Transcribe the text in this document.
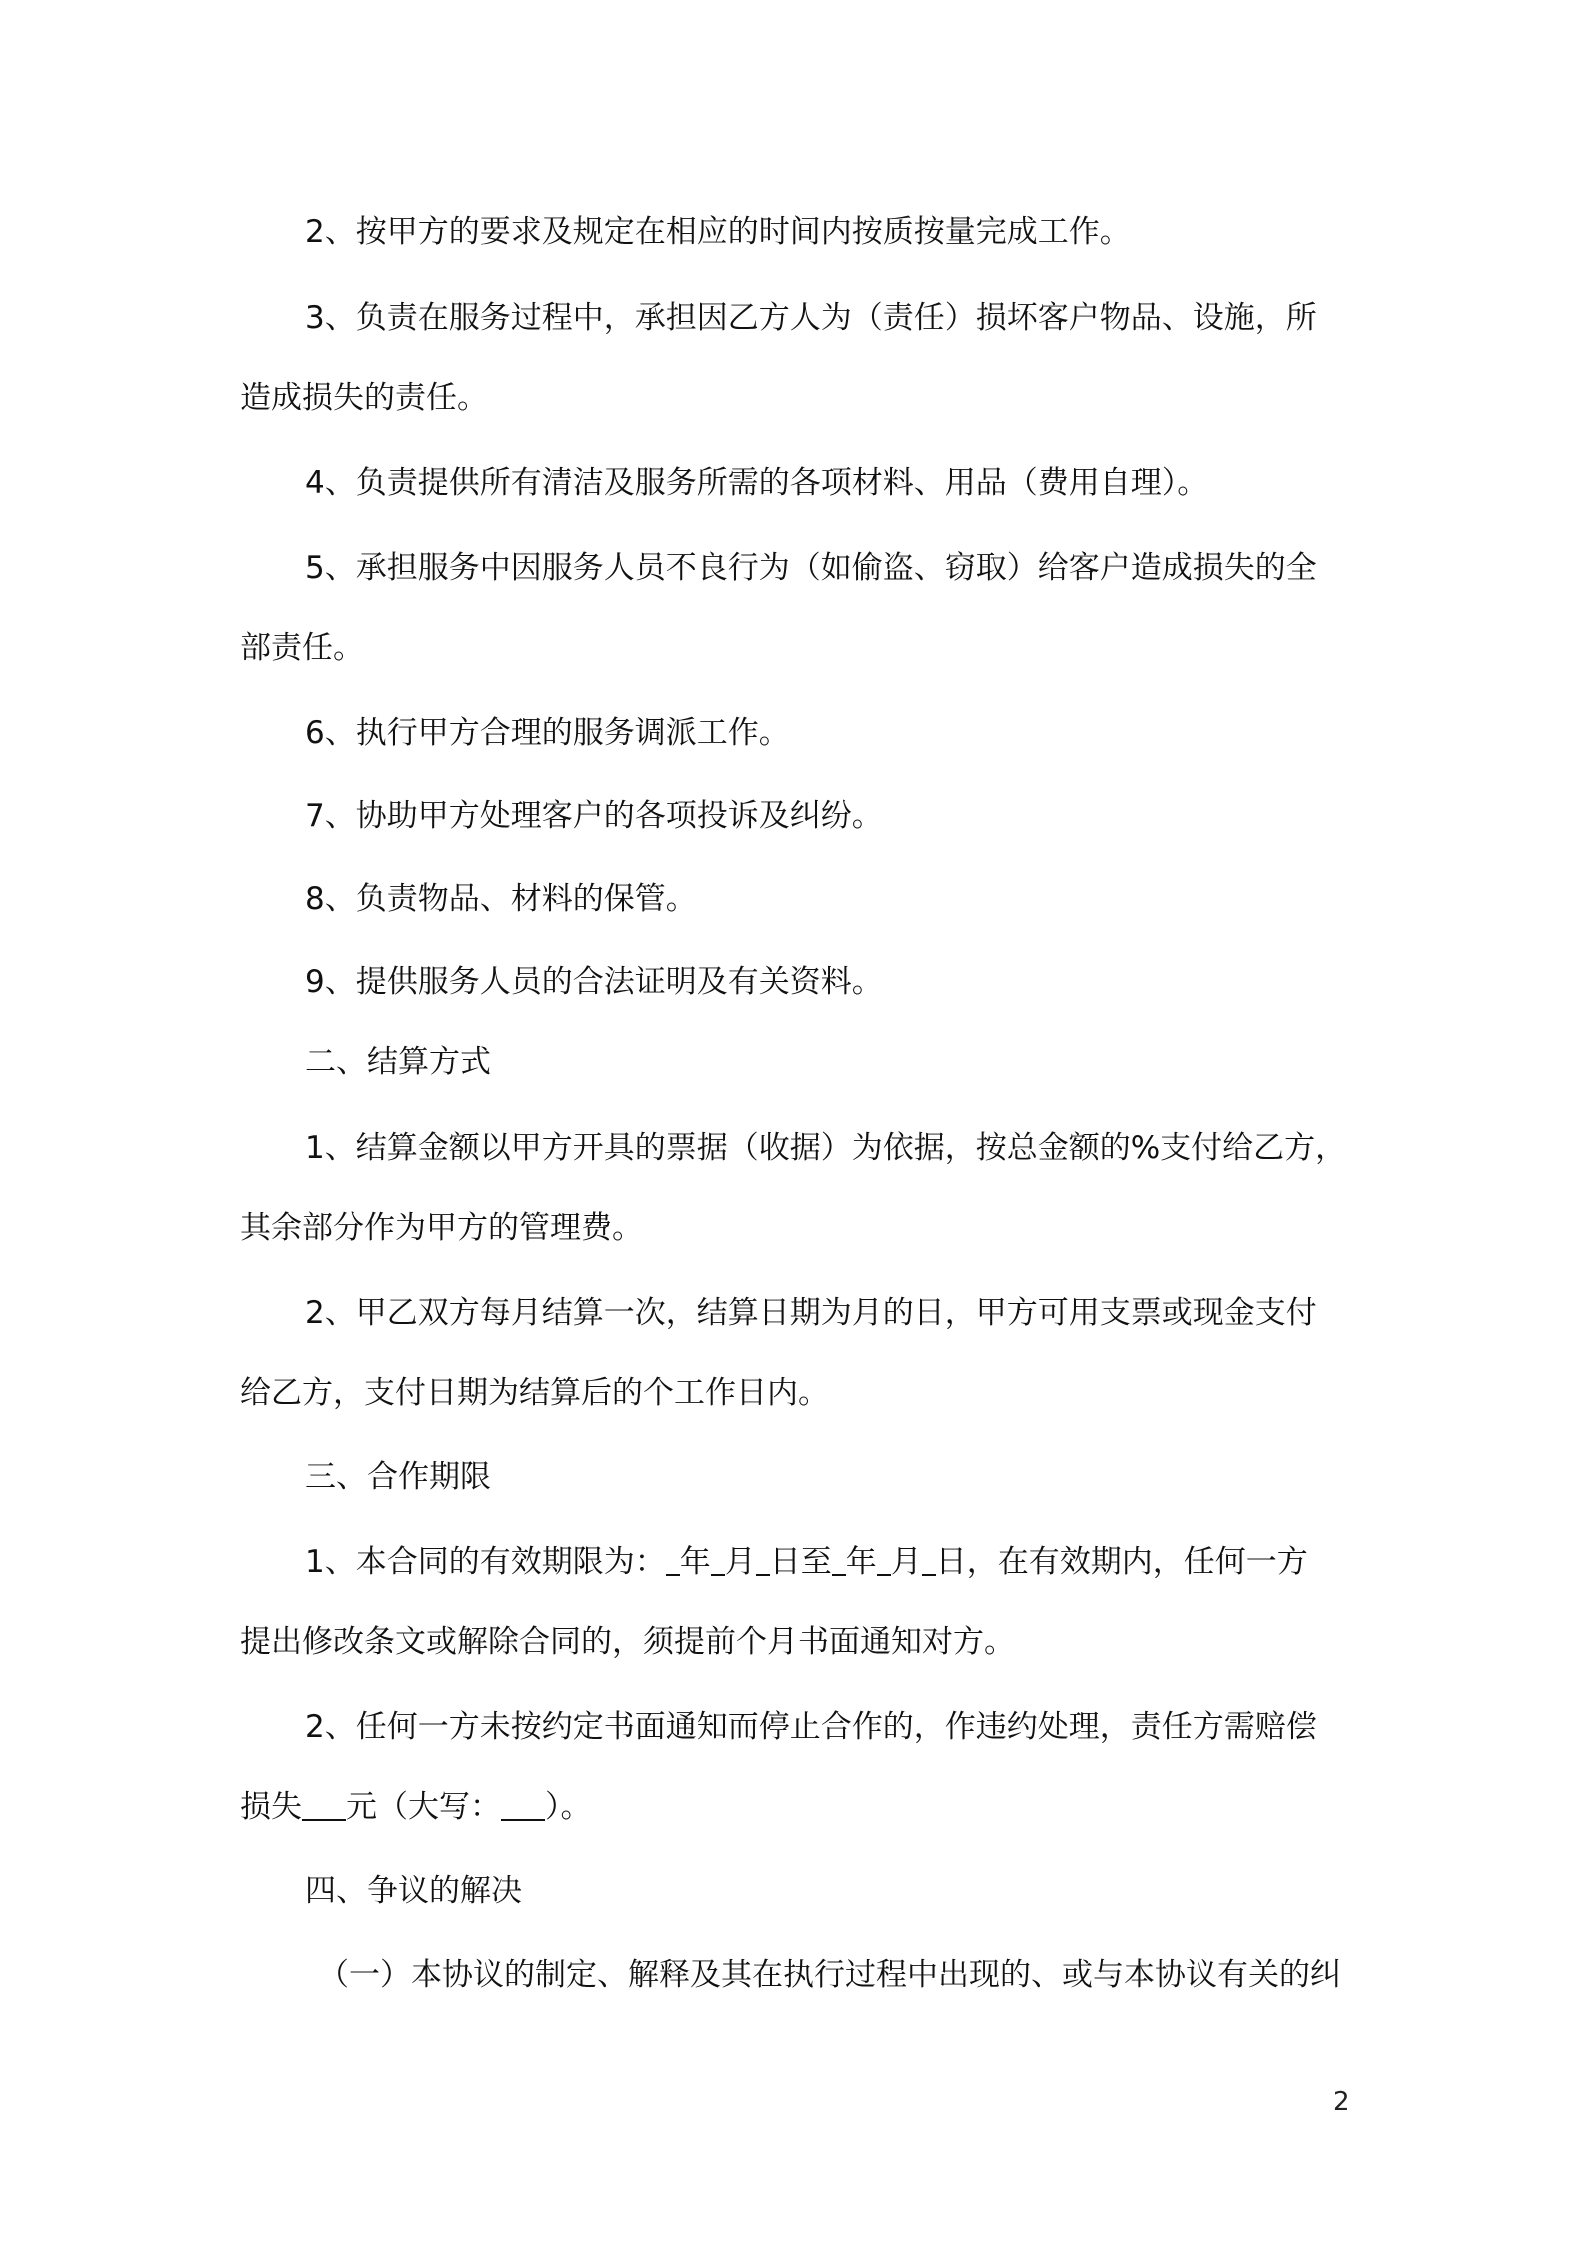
2、按甲方的要求及规定在相应的时间内按质按量完成工作。

3、负责在服务过程中，承担因乙方人为（责任）损坏客户物品、设施，所

造成损失的责任。

4、负责提供所有清洁及服务所需的各项材料、用品（费用自理）。

5、承担服务中因服务人员不良行为（如偷盗、窃取）给客户造成损失的全

部责任。

6、执行甲方合理的服务调派工作。

7、协助甲方处理客户的各项投诉及纠纷。

8、负责物品、材料的保管。

9、提供服务人员的合法证明及有关资料。

二、结算方式

1、结算金额以甲方开具的票据（收据）为依据，按总金额的%支付给乙方，

其余部分作为甲方的管理费。

2、甲乙双方每月结算一次，结算日期为月的日，甲方可用支票或现金支付

给乙方，支付日期为结算后的个工作日内。

三、合作期限

1、本合同的有效期限为： 年 月 日至 年 月 日，在有效期内，任何一方

提出修改条文或解除合同的，须提前个月书面通知对方。

2、任何一方未按约定书面通知而停止合作的，作违约处理，责任方需赔偿

损失 元（大写： ）。

四、争议的解决

（一）本协议的制定、解释及其在执行过程中出现的、或与本协议有关的纠

2
